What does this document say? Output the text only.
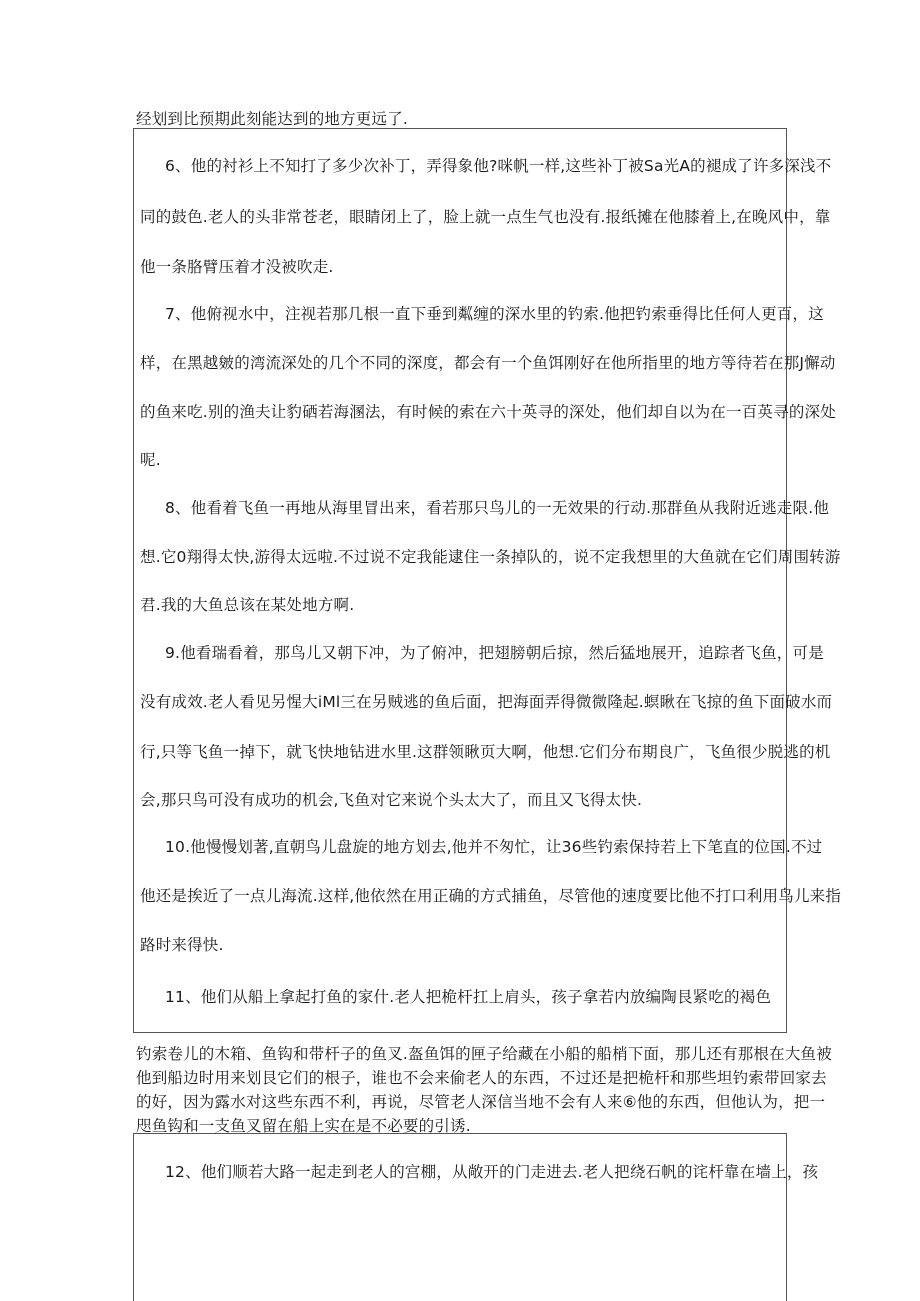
经划到比预期此刻能达到的地方更远了.
6、他的衬衫上不知打了多少次补丁，弄得象他?咪帆一样,这些补丁被Sa光A的褪成了许多深浅不
同的鼓色.老人的头非常苍老，眼睛闭上了，脸上就一点生气也没有.报纸摊在他膝着上,在晚风中，靠
他一条胳臂压着才没被吹走.
7、他俯视水中，注视若那几根一直下垂到粼缠的深水里的钓索.他把钓索垂得比任何人更百，这
样，在黑越皴的湾流深处的几个不同的深度，都会有一个鱼饵刚好在他所指里的地方等待若在那J懈动
的鱼来吃.别的渔夫让豹硒若海溷法，有时候的索在六十英寻的深处，他们却自以为在一百英寻的深处
呢.
8、他看着飞鱼一再地从海里冒出来，看若那只鸟儿的一无效果的行动.那群鱼从我附近逃走限.他
想.它0翔得太快,游得太远啦.不过说不定我能逮住一条掉队的，说不定我想里的大鱼就在它们周围转游
君.我的大鱼总该在某处地方啊.
9.他看瑞看着，那鸟儿又朝下冲，为了俯冲，把翅膀朝后掠，然后猛地展开，追踪者飞鱼，可是
没有成效.老人看见另惺大iMl三在另贼逃的鱼后面，把海面弄得微微隆起.螟瞅在飞掠的鱼下面破水而
行,只等飞鱼一掉下，就飞快地钻进水里.这群领瞅页大啊，他想.它们分布期良广，飞鱼很少脱逃的机
会,那只鸟可没有成功的机会,飞鱼对它来说个头太大了，而且又飞得太快.
10.他慢慢划著,直朝鸟儿盘旋的地方划去,他并不匆忙，让36些钓索保持若上下笔直的位国.不过
他还是挨近了一点儿海流.这样,他依然在用正确的方式捕鱼，尽管他的速度要比他不打口利用鸟儿来指
路时来得快.
11、他们从船上拿起打鱼的家什.老人把桅杆扛上肩头，孩子拿若内放编陶艮紧吃的褐色
钓索卷儿的木箱、鱼钩和带杆子的鱼叉.盔鱼饵的匣子给藏在小船的船梢下面，那儿还有那根在大鱼被
他到船边时用来划艮它们的根子，谁也不会来偷老人的东西，不过还是把桅杆和那些坦钓索带回家去
的好，因为露水对这些东西不利，再说，尽管老人深信当地不会有人来⑥他的东西，但他认为，把一
咫鱼钩和一支鱼叉留在船上实在是不必要的引诱.
12、他们顺若大路一起走到老人的宫棚，从敞开的门走进去.老人把绕石帆的诧杆靠在墙上，孩
